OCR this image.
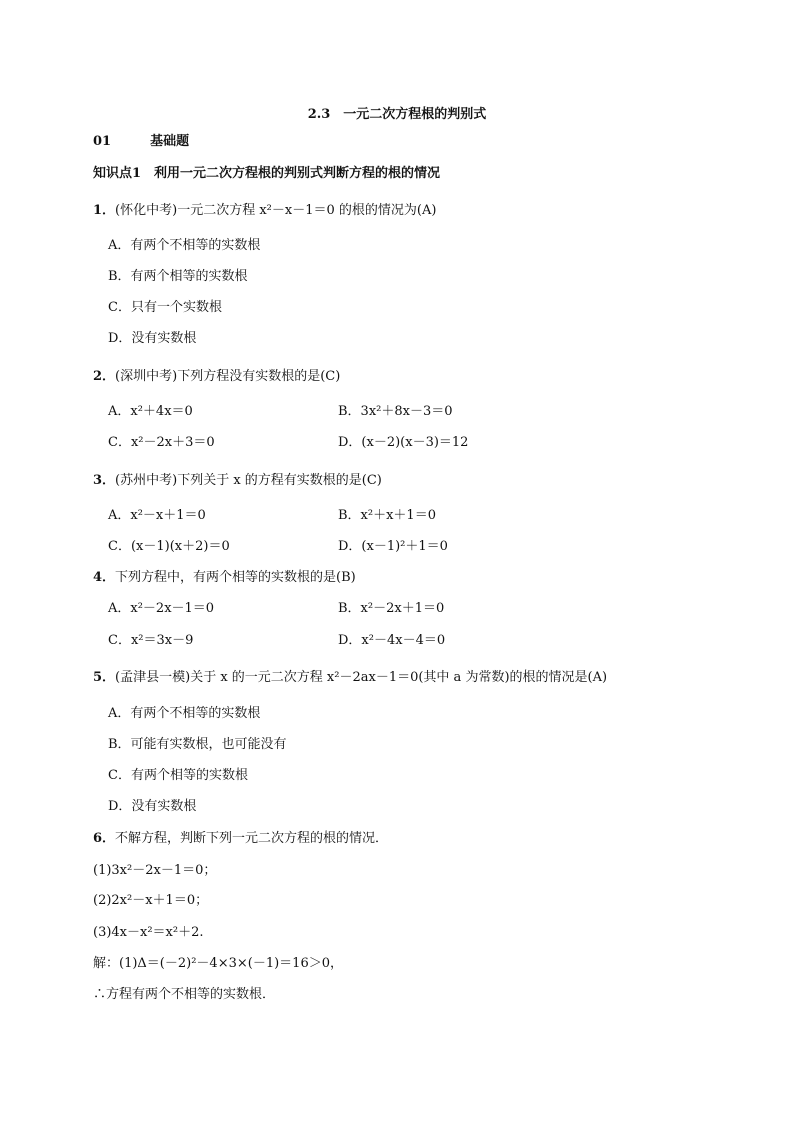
2.3　一元二次方程根的判别式
01	基础题
知识点1　利用一元二次方程根的判别式判断方程的根的情况
1．(怀化中考)一元二次方程 x²－x－1＝0 的根的情况为(A)
A．有两个不相等的实数根
B．有两个相等的实数根
C．只有一个实数根
D．没有实数根
2．(深圳中考)下列方程没有实数根的是(C)
A．x²＋4x＝0	B．3x²＋8x－3＝0
C．x²－2x＋3＝0	D．(x－2)(x－3)＝12
3．(苏州中考)下列关于 x 的方程有实数根的是(C)
A．x²－x＋1＝0	B．x²＋x＋1＝0
C．(x－1)(x＋2)＝0	D．(x－1)²＋1＝0
4．下列方程中，有两个相等的实数根的是(B)
A．x²－2x－1＝0	B．x²－2x＋1＝0
C．x²＝3x－9	D．x²－4x－4＝0
5．(孟津县一模)关于 x 的一元二次方程 x²－2ax－1＝0(其中 a 为常数)的根的情况是(A)
A．有两个不相等的实数根
B．可能有实数根，也可能没有
C．有两个相等的实数根
D．没有实数根
6．不解方程，判断下列一元二次方程的根的情况．
(1)3x²－2x－1＝0；
(2)2x²－x＋1＝0；
(3)4x－x²＝x²＋2.
解：(1)Δ＝(－2)²－4×3×(－1)＝16＞0，
∴方程有两个不相等的实数根．
